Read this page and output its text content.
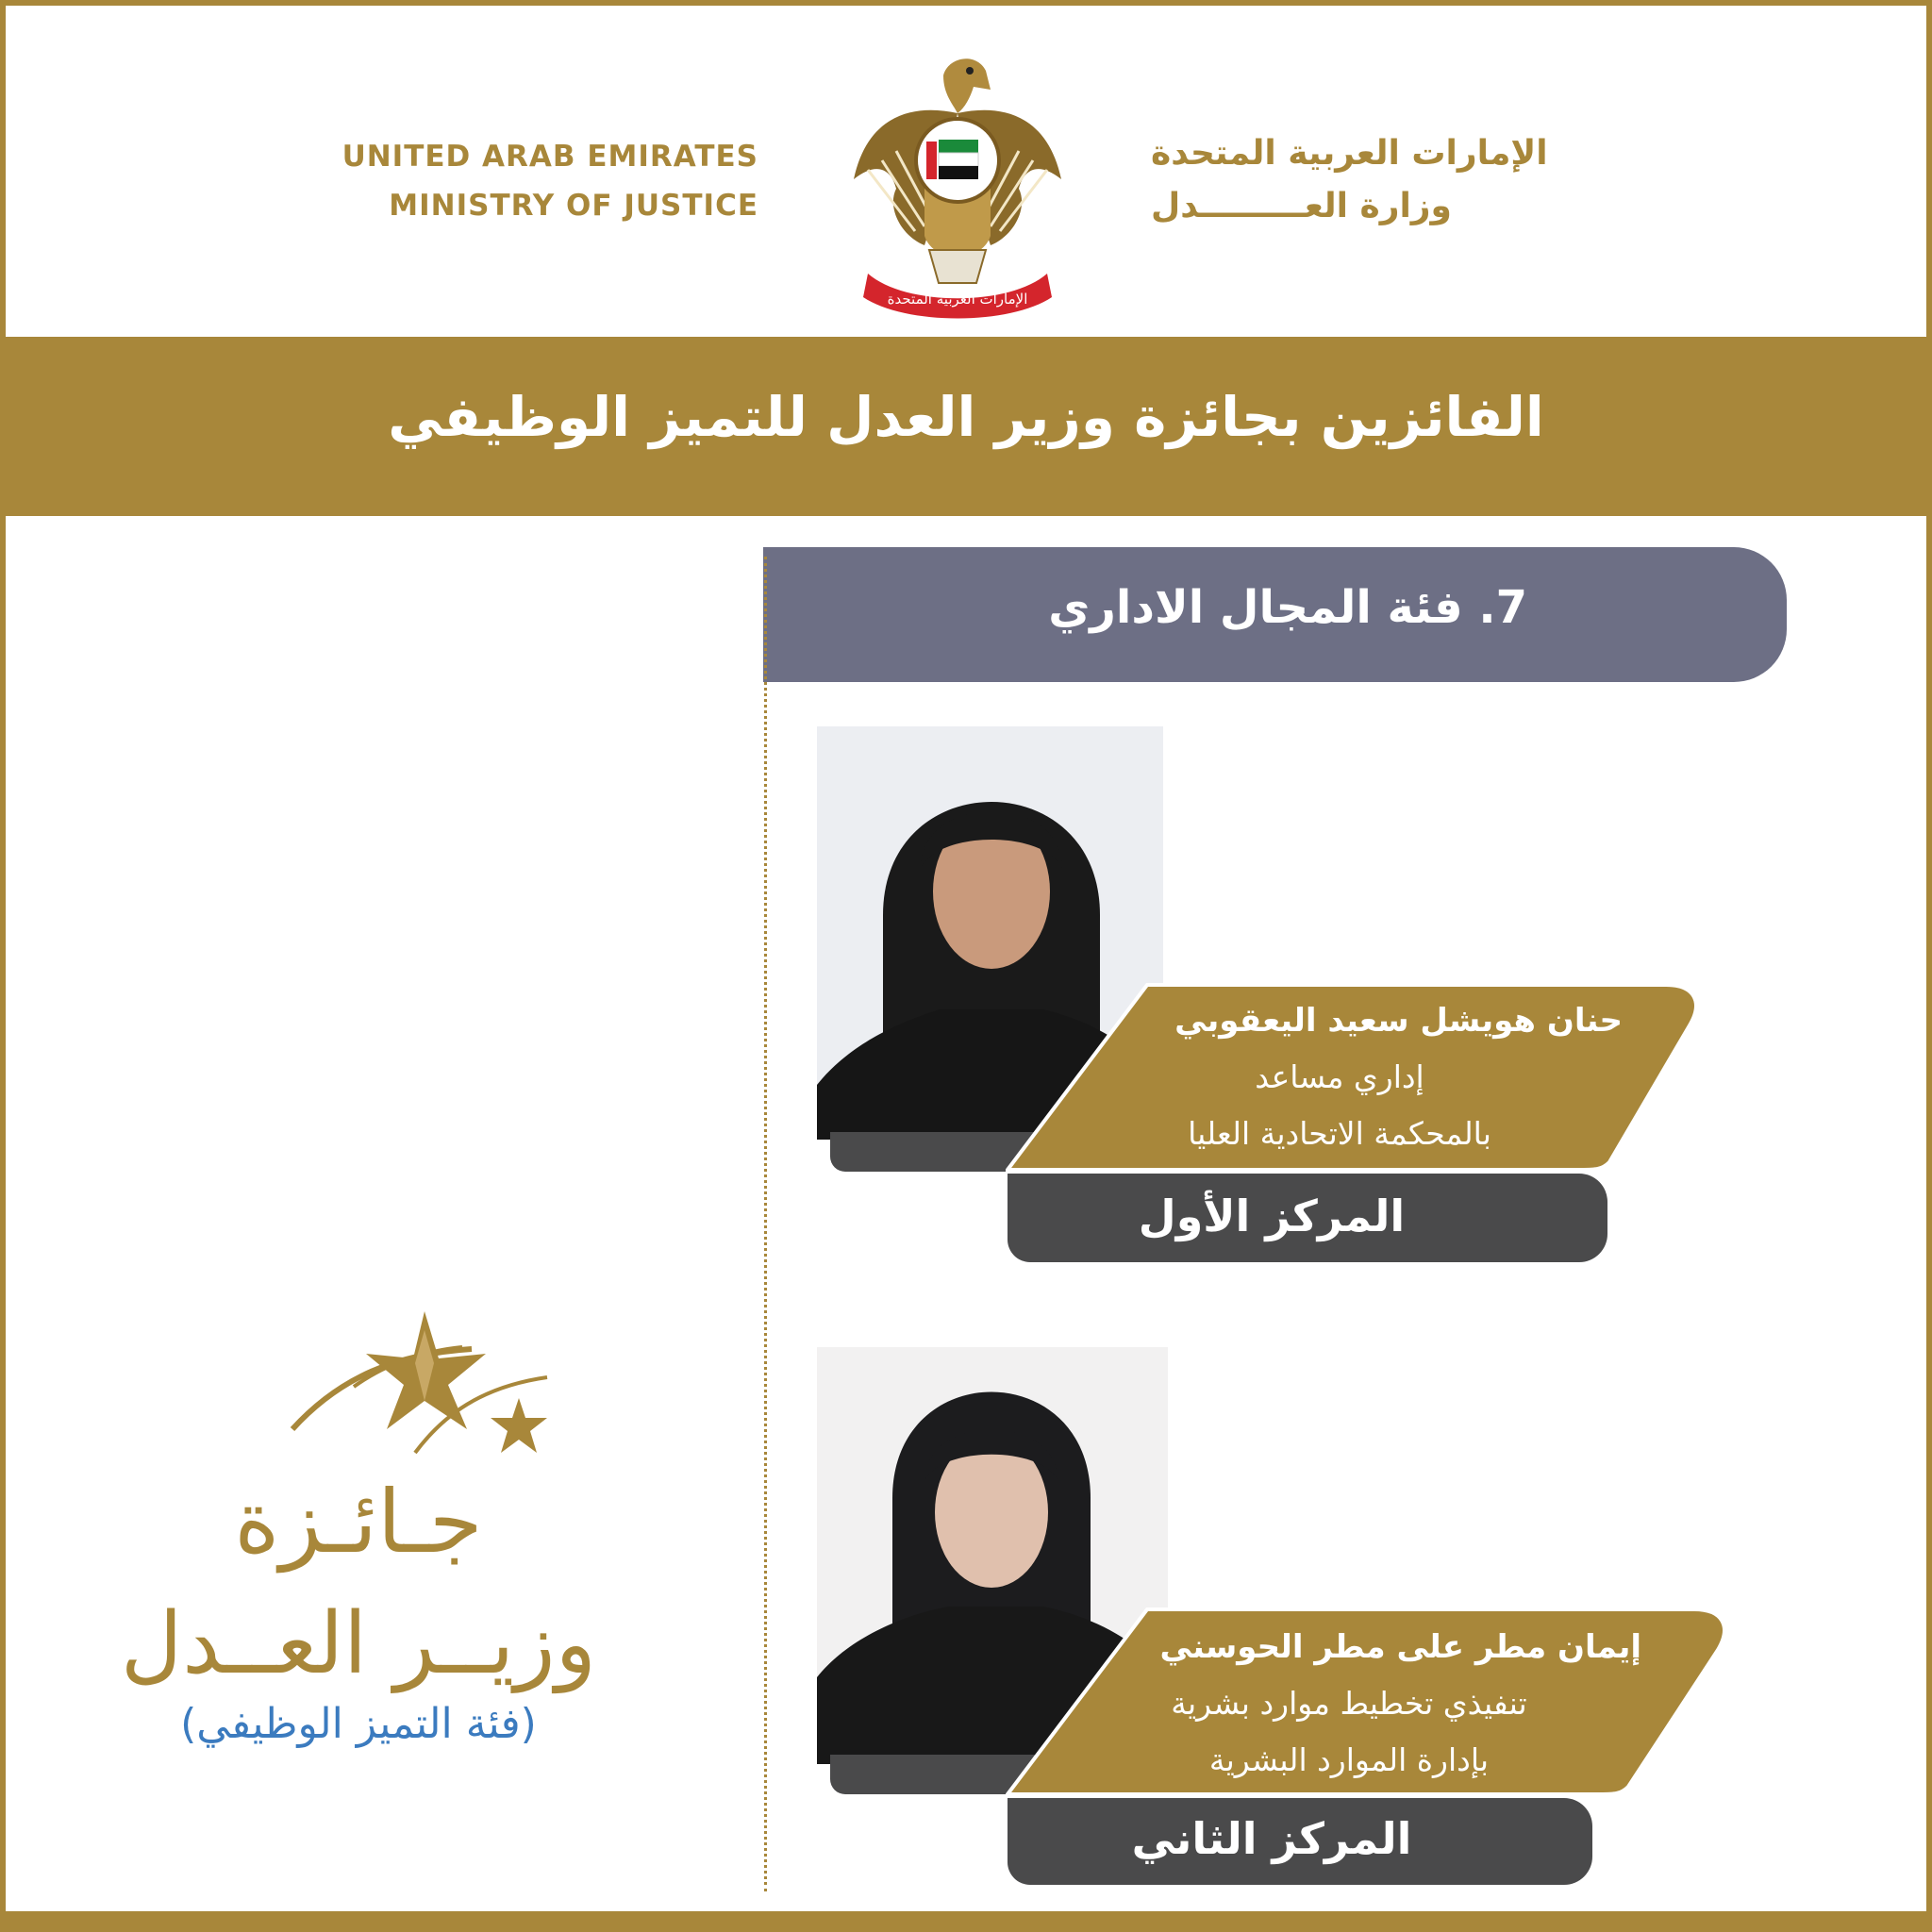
UNITED ARAB EMIRATES
MINISTRY OF JUSTICE
الإمارات العربية المتحدة
الإمارات العربية المتحدة
وزارة العـــــــــدل
الفائزين بجائزة وزير العدل للتميز الوظيفي
7. فئة المجال الاداري
حنان هويشل سعيد اليعقوبي
إداري مساعد
بالمحكمة الاتحادية العليا
المركز الأول
إيمان مطر على مطر الحوسني
تنفيذي تخطيط موارد بشرية
بإدارة الموارد البشرية
المركز الثاني
جـائـزة
وزيــر العــدل
(فئة التميز الوظيفي)
